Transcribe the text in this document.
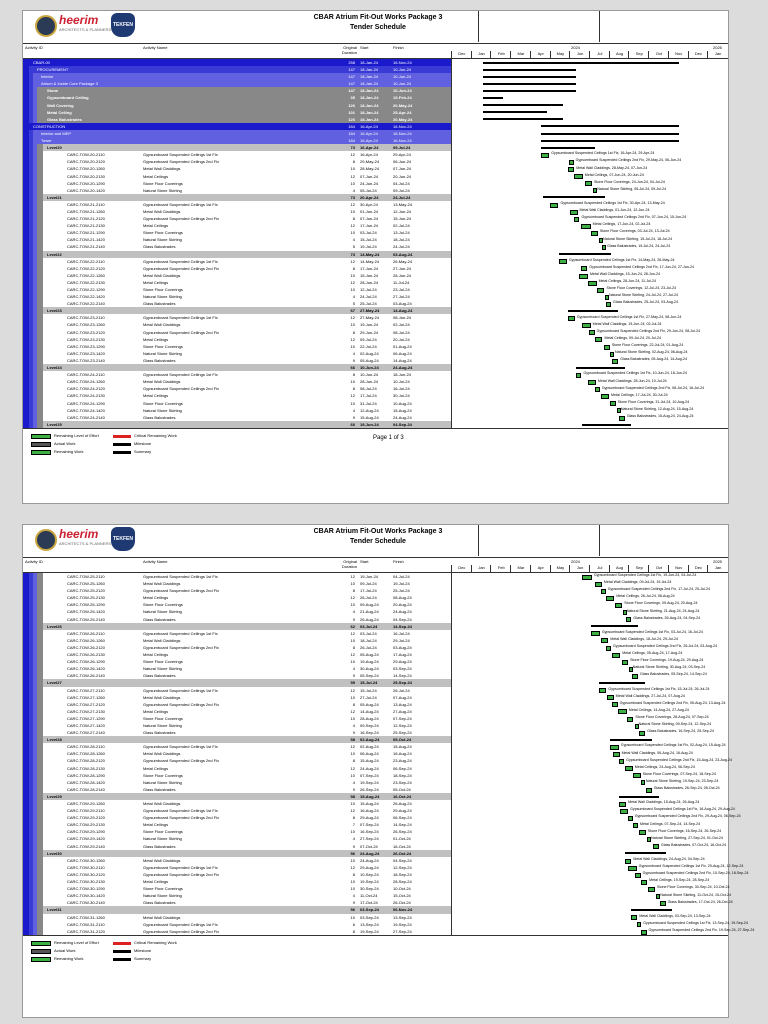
heerim
ARCHITECTS & PLANNERS
TEKFEN
CBAR Atrium Fit-Out Works Package 3
Tender Schedule
Activity ID	Activity Name	Original Duration
Start	Finish	2024	2025
Dec	Jan	Feb	Mar	Apr	May	Jun	Jul	Aug	Sep	Oct	Nov	Dec	Jan
Gypsumboard Suspended Ceilings 1st Fix, 16-Apr-24, 29-Apr-24
Gypsumboard Suspended Ceilings 2nd Fix, 29-May-24, 06-Jun-24
Metal Wall Claddings, 28-May-24, 07-Jun-24
Metal Ceilings, 07-Jun-24, 20-Jun-24
Stone Floor Coverings, 24-Jun-24, 04-Jul-24
Natural Stone Skirting, 05-Jul-24, 09-Jul-24
Gypsumboard Suspended Ceilings 1st Fix, 30-Apr-24, 13-May-24
Metal Wall Claddings, 01-Jun-24, 12-Jun-24
Gypsumboard Suspended Ceilings 2nd Fix, 07-Jun-24, 15-Jun-24
Metal Ceilings, 17-Jun-24, 02-Jul-24
Stone Floor Coverings, 03-Jul-24, 13-Jul-24
Natural Stone Skirting, 15-Jul-24, 18-Jul-24
Glass Balustrades, 19-Jul-24, 24-Jul-24
Gypsumboard Suspended Ceilings 1st Fix, 14-May-24, 26-May-24
Gypsumboard Suspended Ceilings 2nd Fix, 17-Jun-24, 27-Jun-24
Metal Wall Claddings, 15-Jun-24, 28-Jun-24
Metal Ceilings, 28-Jun-24, 11-Jul-24
Stone Floor Coverings, 12-Jul-24, 23-Jul-24
Natural Stone Skirting, 24-Jul-24, 27-Jul-24
Glass Balustrades, 25-Jul-24, 03-Aug-24
Gypsumboard Suspended Ceilings 1st Fix, 27-May-24, 08-Jun-24
Metal Wall Claddings, 19-Jun-24, 02-Jul-24
Gypsumboard Suspended Ceilings 2nd Fix, 29-Jun-24, 08-Jul-24
Metal Ceilings, 09-Jul-24, 20-Jul-24
Stone Floor Coverings, 22-Jul-24, 01-Aug-24
Natural Stone Skirting, 02-Aug-24, 06-Aug-24
Glass Balustrades, 05-Aug-24, 14-Aug-24
Gypsumboard Suspended Ceilings 1st Fix, 10-Jun-24, 18-Jun-24
Metal Wall Claddings, 28-Jun-24, 10-Jul-24
Gypsumboard Suspended Ceilings 2nd Fix, 08-Jul-24, 16-Jul-24
Metal Ceilings, 17-Jul-24, 30-Jul-24
Stone Floor Coverings, 31-Jul-24, 10-Aug-24
Natural Stone Skirting, 12-Aug-24, 15-Aug-24
Glass Balustrades, 15-Aug-24, 24-Aug-24
CBAR-00	258 18-Jan-24	16-Nov-24
PROCUREMENT	147 18-Jan-24	10-Jun-24
Interior	147 18-Jan-24	10-Jun-24
Atrium & Inside Core Package 3	147 18-Jan-24	10-Jun-24
Stone	147 18-Jan-24	10-Jun-24
Gypsumboard Ceiling	35 18-Jan-24	19-Feb-24
Wall Covering	126 18-Jan-24	20-May-24
Metal Ceiling	101 18-Jan-24	25-Apr-24
Glass Balustrades	126 18-Jan-24	20-May-24
CONSTRUCTION	184 16-Apr-24	16-Nov-24
Interior and MEP	184 16-Apr-24	16-Nov-24
Tower	184 16-Apr-24	16-Nov-24
Level20	73 16-Apr-24	09-Jul-24
CARC-TOW-20-2110	Gypsumboard Suspended Ceilings 1st Fix	12 16-Apr-24	29-Apr-24
CARC-TOW-20-2120	Gypsumboard Suspended Ceilings 2nd Fix	8 29-May-24	06-Jun-24
CARC-TOW-20-1260	Metal Wall Claddings	10 28-May-24	07-Jun-24
CARC-TOW-20-2130	Metal Ceilings	12 07-Jun-24	20-Jun-24
CARC-TOW-20-1290	Stone Floor Coverings	10 24-Jun-24	04-Jul-24
CARC-TOW-20-1420	Natural Stone Skirting	4 05-Jul-24	09-Jul-24
Level21	73 20-Apr-24	24-Jul-24
CARC-TOW-21-2110	Gypsumboard Suspended Ceilings 1st Fix	12 30-Apr-24	13-May-24
CARC-TOW-21-1260	Metal Wall Claddings	10 01-Jun-24	12-Jun-24
CARC-TOW-21-2120	Gypsumboard Suspended Ceilings 2nd Fix	8 07-Jun-24	15-Jun-24
CARC-TOW-21-2130	Metal Ceilings	12 17-Jun-24	02-Jul-24
CARC-TOW-21-1290	Stone Floor Coverings	10 03-Jul-24	13-Jul-24
CARC-TOW-21-1420	Natural Stone Skirting	4 15-Jul-24	18-Jul-24
CARC-TOW-21-2140	Glass Balustrades	5 19-Jul-24	24-Jul-24
Level22	73 14-May-24	03-Aug-24
CARC-TOW-22-2110	Gypsumboard Suspended Ceilings 1st Fix	12 14-May-24	26-May-24
CARC-TOW-22-2120	Gypsumboard Suspended Ceilings 2nd Fix	8 17-Jun-24	27-Jun-24
CARC-TOW-22-1260	Metal Wall Claddings	10 15-Jun-24	28-Jun-24
CARC-TOW-22-2130	Metal Ceilings	12 28-Jun-24	11-Jul-24
CARC-TOW-22-1290	Stone Floor Coverings	10 12-Jul-24	23-Jul-24
CARC-TOW-22-1420	Natural Stone Skirting	4 24-Jul-24	27-Jul-24
CARC-TOW-22-2140	Glass Balustrades	5 25-Jul-24	03-Aug-24
Level23	67 27-May-24	14-Aug-24
CARC-TOW-23-2110	Gypsumboard Suspended Ceilings 1st Fix	12 27-May-24	08-Jun-24
CARC-TOW-23-1260	Metal Wall Claddings	10 19-Jun-24	02-Jul-24
CARC-TOW-23-2120	Gypsumboard Suspended Ceilings 2nd Fix	8 29-Jun-24	08-Jul-24
CARC-TOW-23-2130	Metal Ceilings	12 09-Jul-24	20-Jul-24
CARC-TOW-23-1290	Stone Floor Coverings	10 22-Jul-24	01-Aug-24
CARC-TOW-23-1420	Natural Stone Skirting	4 02-Aug-24	06-Aug-24
CARC-TOW-23-2140	Glass Balustrades	9 05-Aug-24	14-Aug-24
Level24	66 10-Jun-24	24-Aug-24
CARC-TOW-24-2110	Gypsumboard Suspended Ceilings 1st Fix	8 10-Jun-24	18-Jun-24
CARC-TOW-24-1260	Metal Wall Claddings	10 28-Jun-24	10-Jul-24
CARC-TOW-24-2120	Gypsumboard Suspended Ceilings 2nd Fix	8 08-Jul-24	16-Jul-24
CARC-TOW-24-2130	Metal Ceilings	12 17-Jul-24	30-Jul-24
CARC-TOW-24-1290	Stone Floor Coverings	10 31-Jul-24	10-Aug-24
CARC-TOW-24-1420	Natural Stone Skirting	4 12-Aug-24	15-Aug-24
CARC-TOW-24-2140	Glass Balustrades	9 15-Aug-24	24-Aug-24
Level25	60 19-Jun-24	04-Sep-24
Remaining Level of Effort
Actual Work
Remaining Work
Critical Remaining Work
Milestone
Summary
Page 1 of 3
heerim
ARCHITECTS & PLANNERS
TEKFEN
CBAR Atrium Fit-Out Works Package 3
Tender Schedule
Activity ID	Activity Name	Original Duration
Start	Finish	2024	2025
Dec	Jan	Feb	Mar	Apr	May	Jun	Jul	Aug	Sep	Oct	Nov	Dec	Jan
Gypsumboard Suspended Ceilings 1st Fix, 19-Jun-24, 04-Jul-24
Metal Wall Claddings, 09-Jul-24, 19-Jul-24
Gypsumboard Suspended Ceilings 2nd Fix, 17-Jul-24, 25-Jul-24
Metal Ceilings, 26-Jul-24, 08-Aug-24
Stone Floor Coverings, 09-Aug-24, 20-Aug-24
Natural Stone Skirting, 21-Aug-24, 24-Aug-24
Glass Balustrades, 26-Aug-24, 04-Sep-24
Gypsumboard Suspended Ceilings 1st Fix, 03-Jul-24, 16-Jul-24
Metal Wall Claddings, 18-Jul-24, 29-Jul-24
Gypsumboard Suspended Ceilings 2nd Fix, 26-Jul-24, 03-Aug-24
Metal Ceilings, 05-Aug-24, 17-Aug-24
Stone Floor Coverings, 19-Aug-24, 29-Aug-24
Natural Stone Skirting, 30-Aug-24, 03-Sep-24
Glass Balustrades, 05-Sep-24, 14-Sep-24
Gypsumboard Suspended Ceilings 1st Fix, 15-Jul-24, 26-Jul-24
Metal Wall Claddings, 27-Jul-24, 07-Aug-24
Gypsumboard Suspended Ceilings 2nd Fix, 05-Aug-24, 13-Aug-24
Metal Ceilings, 14-Aug-24, 27-Aug-24
Stone Floor Coverings, 28-Aug-24, 07-Sep-24
Natural Stone Skirting, 09-Sep-24, 12-Sep-24
Glass Balustrades, 16-Sep-24, 25-Sep-24
Gypsumboard Suspended Ceilings 1st Fix, 02-Aug-24, 15-Aug-24
Metal Wall Claddings, 06-Aug-24, 16-Aug-24
Gypsumboard Suspended Ceilings 2nd Fix, 15-Aug-24, 23-Aug-24
Metal Ceilings, 24-Aug-24, 06-Sep-24
Stone Floor Coverings, 07-Sep-24, 18-Sep-24
Natural Stone Skirting, 19-Sep-24, 23-Sep-24
Glass Balustrades, 26-Sep-24, 05-Oct-24
Metal Wall Claddings, 15-Aug-24, 26-Aug-24
Gypsumboard Suspended Ceilings 1st Fix, 16-Aug-24, 29-Aug-24
Gypsumboard Suspended Ceilings 2nd Fix, 29-Aug-24, 06-Sep-24
Metal Ceilings, 07-Sep-24, 14-Sep-24
Stone Floor Coverings, 16-Sep-24, 26-Sep-24
Natural Stone Skirting, 27-Sep-24, 01-Oct-24
Glass Balustrades, 07-Oct-24, 16-Oct-24
Metal Wall Claddings, 24-Aug-24, 04-Sep-24
Gypsumboard Suspended Ceilings 1st Fix, 29-Aug-24, 12-Sep-24
Gypsumboard Suspended Ceilings 2nd Fix, 10-Sep-24, 18-Sep-24
Metal Ceilings, 19-Sep-24, 28-Sep-24
Stone Floor Coverings, 30-Sep-24, 10-Oct-24
Natural Stone Skirting, 11-Oct-24, 15-Oct-24
Glass Balustrades, 17-Oct-24, 26-Oct-24
Metal Wall Claddings, 03-Sep-24, 13-Sep-24
Gypsumboard Suspended Ceilings 1st Fix, 13-Sep-24, 19-Sep-24
Gypsumboard Suspended Ceilings 2nd Fix, 19-Sep-24, 27-Sep-24
CARC-TOW-25-2110	Gypsumboard Suspended Ceilings 1st Fix	12 19-Jun-24	04-Jul-24
CARC-TOW-25-1260	Metal Wall Claddings	10 09-Jul-24	19-Jul-24
CARC-TOW-25-2120	Gypsumboard Suspended Ceilings 2nd Fix	8 17-Jul-24	25-Jul-24
CARC-TOW-25-2130	Metal Ceilings	12 26-Jul-24	08-Aug-24
CARC-TOW-25-1290	Stone Floor Coverings	10 09-Aug-24	20-Aug-24
CARC-TOW-25-1420	Natural Stone Skirting	4 21-Aug-24	24-Aug-24
CARC-TOW-25-2140	Glass Balustrades	9 26-Aug-24	04-Sep-24
Level26	62 03-Jul-24	14-Sep-24
CARC-TOW-26-2110	Gypsumboard Suspended Ceilings 1st Fix	12 03-Jul-24	16-Jul-24
CARC-TOW-26-1260	Metal Wall Claddings	10 18-Jul-24	29-Jul-24
CARC-TOW-26-2120	Gypsumboard Suspended Ceilings 2nd Fix	8 26-Jul-24	03-Aug-24
CARC-TOW-26-2130	Metal Ceilings	12 05-Aug-24	17-Aug-24
CARC-TOW-26-1290	Stone Floor Coverings	10 19-Aug-24	29-Aug-24
CARC-TOW-26-1420	Natural Stone Skirting	4 30-Aug-24	03-Sep-24
CARC-TOW-26-2140	Glass Balustrades	9 05-Sep-24	14-Sep-24
Level27	59 15-Jul-24	25-Sep-24
CARC-TOW-27-2110	Gypsumboard Suspended Ceilings 1st Fix	12 15-Jul-24	26-Jul-24
CARC-TOW-27-1260	Metal Wall Claddings	10 27-Jul-24	07-Aug-24
CARC-TOW-27-2120	Gypsumboard Suspended Ceilings 2nd Fix	8 05-Aug-24	13-Aug-24
CARC-TOW-27-2130	Metal Ceilings	12 14-Aug-24	27-Aug-24
CARC-TOW-27-1290	Stone Floor Coverings	10 28-Aug-24	07-Sep-24
CARC-TOW-27-1420	Natural Stone Skirting	4 09-Sep-24	12-Sep-24
CARC-TOW-27-2140	Glass Balustrades	9 16-Sep-24	25-Sep-24
Level28	58 02-Aug-24	05-Oct-24
CARC-TOW-28-2110	Gypsumboard Suspended Ceilings 1st Fix	12 02-Aug-24	15-Aug-24
CARC-TOW-28-1260	Metal Wall Claddings	10 06-Aug-24	16-Aug-24
CARC-TOW-28-2120	Gypsumboard Suspended Ceilings 2nd Fix	8 15-Aug-24	23-Aug-24
CARC-TOW-28-2130	Metal Ceilings	12 24-Aug-24	06-Sep-24
CARC-TOW-28-1290	Stone Floor Coverings	10 07-Sep-24	18-Sep-24
CARC-TOW-28-1420	Natural Stone Skirting	4 19-Sep-24	23-Sep-24
CARC-TOW-28-2140	Glass Balustrades	9 26-Sep-24	05-Oct-24
Level29	58 15-Aug-24	16-Oct-24
CARC-TOW-29-1260	Metal Wall Claddings	10 15-Aug-24	26-Aug-24
CARC-TOW-29-2110	Gypsumboard Suspended Ceilings 1st Fix	12 16-Aug-24	29-Aug-24
CARC-TOW-29-2120	Gypsumboard Suspended Ceilings 2nd Fix	8 29-Aug-24	06-Sep-24
CARC-TOW-29-2130	Metal Ceilings	7 07-Sep-24	14-Sep-24
CARC-TOW-29-1290	Stone Floor Coverings	10 16-Sep-24	26-Sep-24
CARC-TOW-29-1420	Natural Stone Skirting	4 27-Sep-24	01-Oct-24
CARC-TOW-29-2140	Glass Balustrades	9 07-Oct-24	16-Oct-24
Level30	56 24-Aug-24	26-Oct-24
CARC-TOW-30-1260	Metal Wall Claddings	10 24-Aug-24	04-Sep-24
CARC-TOW-30-2110	Gypsumboard Suspended Ceilings 1st Fix	12 29-Aug-24	12-Sep-24
CARC-TOW-30-2120	Gypsumboard Suspended Ceilings 2nd Fix	8 10-Sep-24	18-Sep-24
CARC-TOW-30-2130	Metal Ceilings	10 19-Sep-24	28-Sep-24
CARC-TOW-30-1290	Stone Floor Coverings	10 30-Sep-24	10-Oct-24
CARC-TOW-30-1420	Natural Stone Skirting	4 11-Oct-24	15-Oct-24
CARC-TOW-30-2140	Glass Balustrades	9 17-Oct-24	26-Oct-24
Level31	56 03-Sep-24	06-Nov-24
CARC-TOW-31-1260	Metal Wall Claddings	10 03-Sep-24	13-Sep-24
CARC-TOW-31-2110	Gypsumboard Suspended Ceilings 1st Fix	6 13-Sep-24	19-Sep-24
CARC-TOW-31-2120	Gypsumboard Suspended Ceilings 2nd Fix	8 19-Sep-24	27-Sep-24
Remaining Level of Effort
Actual Work
Remaining Work
Critical Remaining Work
Milestone
Summary
